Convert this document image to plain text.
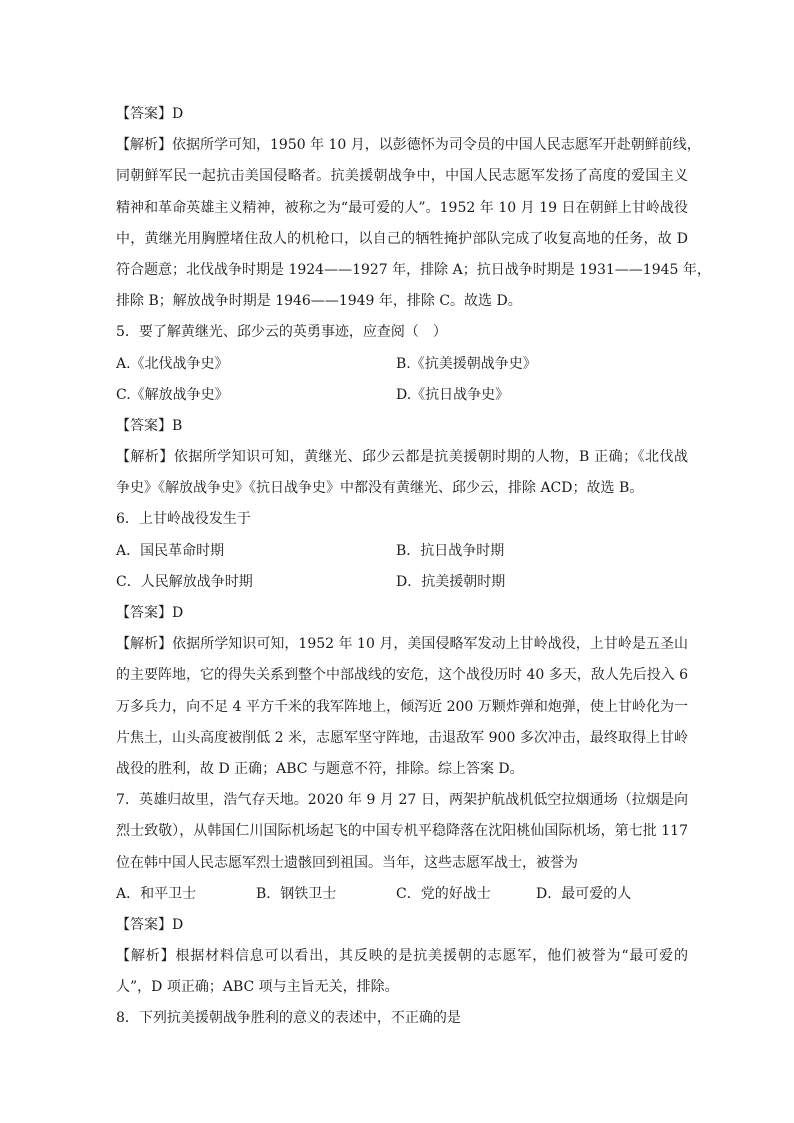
【答案】D
【解析】依据所学可知，1950 年 10 月，以彭德怀为司令员的中国人民志愿军开赴朝鲜前线，
同朝鲜军民一起抗击美国侵略者。抗美援朝战争中，中国人民志愿军发扬了高度的爱国主义
精神和革命英雄主义精神，被称之为“最可爱的人”。1952 年 10 月 19 日在朝鲜上甘岭战役
中，黄继光用胸膛堵住敌人的机枪口，以自己的牺牲掩护部队完成了收复高地的任务，故 D
符合题意；北伐战争时期是 1924——1927 年，排除 A；抗日战争时期是 1931——1945 年，
排除 B；解放战争时期是 1946——1949 年，排除 C。故选 D。
5．要了解黄继光、邱少云的英勇事迹，应查阅（　）
A.《北伐战争史》	B.《抗美援朝战争史》
C.《解放战争史》	D.《抗日战争史》
【答案】B
【解析】依据所学知识可知，黄继光、邱少云都是抗美援朝时期的人物，B 正确；《北伐战
争史》《解放战争史》《抗日战争史》中都没有黄继光、邱少云，排除 ACD；故选 B。
6．上甘岭战役发生于
A．国民革命时期	B．抗日战争时期
C．人民解放战争时期	D．抗美援朝时期
【答案】D
【解析】依据所学知识可知，1952 年 10 月，美国侵略军发动上甘岭战役，上甘岭是五圣山
的主要阵地，它的得失关系到整个中部战线的安危，这个战役历时 40 多天，敌人先后投入 6
万多兵力，向不足 4 平方千米的我军阵地上，倾泻近 200 万颗炸弹和炮弹，使上甘岭化为一
片焦土，山头高度被削低 2 米，志愿军坚守阵地，击退敌军 900 多次冲击，最终取得上甘岭
战役的胜利，故 D 正确；ABC 与题意不符，排除。综上答案 D。
7．英雄归故里，浩气存天地。2020 年 9 月 27 日，两架护航战机低空拉烟通场（拉烟是向
烈士致敬），从韩国仁川国际机场起飞的中国专机平稳降落在沈阳桃仙国际机场，第七批 117
位在韩中国人民志愿军烈士遗骸回到祖国。当年，这些志愿军战士，被誉为
A．和平卫士	B．钢铁卫士	C．党的好战士	D．最可爱的人
【答案】D
【解析】根据材料信息可以看出，其反映的是抗美援朝的志愿军，他们被誉为“最可爱的
人”，D 项正确；ABC 项与主旨无关，排除。
8．下列抗美援朝战争胜利的意义的表述中，不正确的是
